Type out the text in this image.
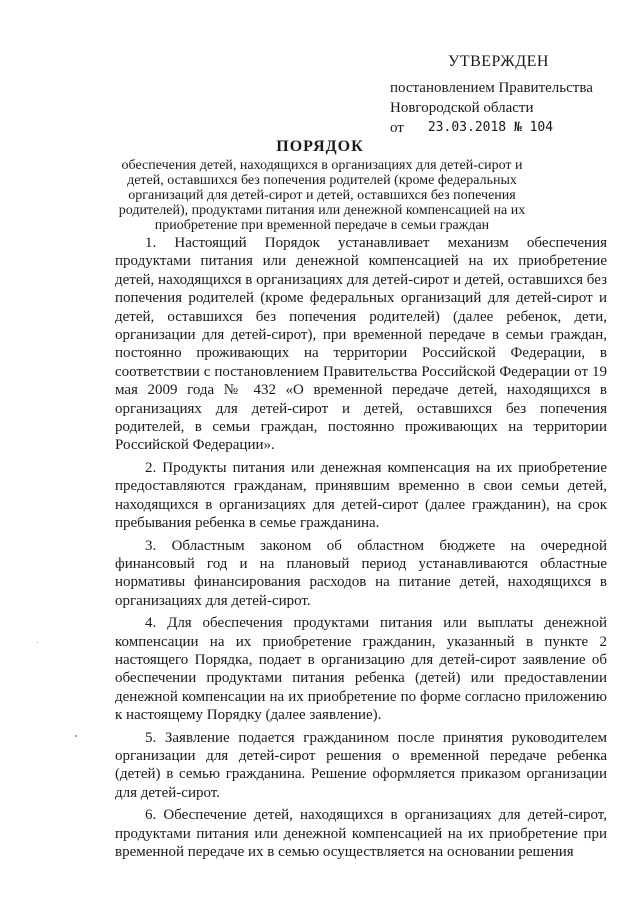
УТВЕРЖДЕН
постановлением Правительства
Новгородской области
от 23.03.2018 № 104
ПОРЯДОК
обеспечения детей, находящихся в организациях для детей-сирот и детей, оставшихся без попечения родителей (кроме федеральных организаций для детей-сирот и детей, оставшихся без попечения родителей), продуктами питания или денежной компенсацией на их приобретение при временной передаче в семьи граждан

1. Настоящий Порядок устанавливает механизм обеспечения продуктами питания или денежной компенсацией на их приобретение детей, находящихся в организациях для детей-сирот и детей, оставшихся без попечения родителей (кроме федеральных организаций для детей-сирот и детей, оставшихся без попечения родителей) (далее ребенок, дети, организации для детей-сирот), при временной передаче в семьи граждан, постоянно проживающих на территории Российской Федерации, в соответствии с постановлением Правительства Российской Федерации от 19 мая 2009 года № 432 «О временной передаче детей, находящихся в организациях для детей-сирот и детей, оставшихся без попечения родителей, в семьи граждан, постоянно проживающих на территории Российской Федерации».

2. Продукты питания или денежная компенсация на их приобретение предоставляются гражданам, принявшим временно в свои семьи детей, находящихся в организациях для детей-сирот (далее гражданин), на срок пребывания ребенка в семье гражданина.

3. Областным законом об областном бюджете на очередной финансовый год и на плановый период устанавливаются областные нормативы финансирования расходов на питание детей, находящихся в организациях для детей-сирот.

4. Для обеспечения продуктами питания или выплаты денежной компенсации на их приобретение гражданин, указанный в пункте 2 настоящего Порядка, подает в организацию для детей-сирот заявление об обеспечении продуктами питания ребенка (детей) или предоставлении денежной компенсации на их приобретение по форме согласно приложению к настоящему Порядку (далее заявление).

5. Заявление подается гражданином после принятия руководителем организации для детей-сирот решения о временной передаче ребенка (детей) в семью гражданина. Решение оформляется приказом организации для детей-сирот.

6. Обеспечение детей, находящихся в организациях для детей-сирот, продуктами питания или денежной компенсацией на их приобретение при временной передаче их в семью осуществляется на основании решения
